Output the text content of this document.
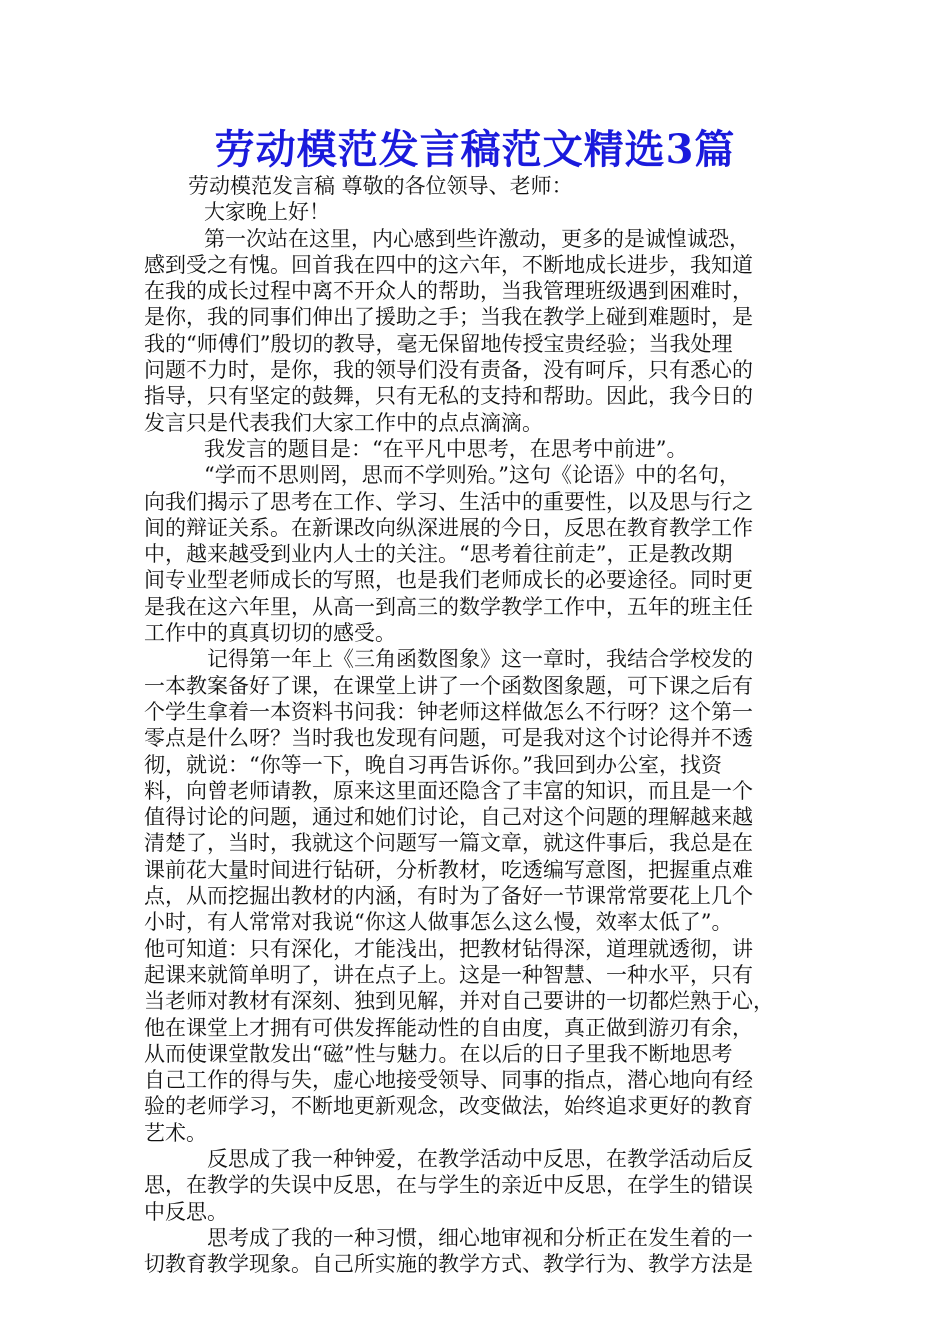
劳动模范发言稿范文精选3篇
劳动模范发言稿 尊敬的各位领导、老师：
大家晚上好！
第一次站在这里，内心感到些许激动，更多的是诚惶诚恐，
感到受之有愧。回首我在四中的这六年，不断地成长进步，我知道
在我的成长过程中离不开众人的帮助，当我管理班级遇到困难时，
是你，我的同事们伸出了援助之手；当我在教学上碰到难题时，是
我的“师傅们”殷切的教导，毫无保留地传授宝贵经验；当我处理
问题不力时，是你，我的领导们没有责备，没有呵斥，只有悉心的
指导，只有坚定的鼓舞，只有无私的支持和帮助。因此，我今日的
发言只是代表我们大家工作中的点点滴滴。
我发言的题目是：“在平凡中思考，在思考中前进”。
“学而不思则罔，思而不学则殆。”这句《论语》中的名句，
向我们揭示了思考在工作、学习、生活中的重要性，以及思与行之
间的辩证关系。在新课改向纵深进展的今日，反思在教育教学工作
中，越来越受到业内人士的关注。“思考着往前走”，正是教改期
间专业型老师成长的写照，也是我们老师成长的必要途径。同时更
是我在这六年里，从高一到高三的数学教学工作中，五年的班主任
工作中的真真切切的感受。
记得第一年上《三角函数图象》这一章时，我结合学校发的
一本教案备好了课，在课堂上讲了一个函数图象题，可下课之后有
个学生拿着一本资料书问我：钟老师这样做怎么不行呀？这个第一
零点是什么呀？当时我也发现有问题，可是我对这个讨论得并不透
彻，就说：“你等一下，晚自习再告诉你。”我回到办公室，找资
料，向曾老师请教，原来这里面还隐含了丰富的知识，而且是一个
值得讨论的问题，通过和她们讨论，自己对这个问题的理解越来越
清楚了，当时，我就这个问题写一篇文章，就这件事后，我总是在
课前花大量时间进行钻研，分析教材，吃透编写意图，把握重点难
点，从而挖掘出教材的内涵，有时为了备好一节课常常要花上几个
小时，有人常常对我说“你这人做事怎么这么慢，效率太低了”。
他可知道：只有深化，才能浅出，把教材钻得深，道理就透彻，讲
起课来就简单明了，讲在点子上。这是一种智慧、一种水平，只有
当老师对教材有深刻、独到见解，并对自己要讲的一切都烂熟于心，
他在课堂上才拥有可供发挥能动性的自由度，真正做到游刃有余，
从而使课堂散发出“磁”性与魅力。在以后的日子里我不断地思考
自己工作的得与失，虚心地接受领导、同事的指点，潜心地向有经
验的老师学习，不断地更新观念，改变做法，始终追求更好的教育
艺术。
反思成了我一种钟爱，在教学活动中反思，在教学活动后反
思，在教学的失误中反思，在与学生的亲近中反思，在学生的错误
中反思。
思考成了我的一种习惯，细心地审视和分析正在发生着的一
切教育教学现象。自己所实施的教学方式、教学行为、教学方法是
